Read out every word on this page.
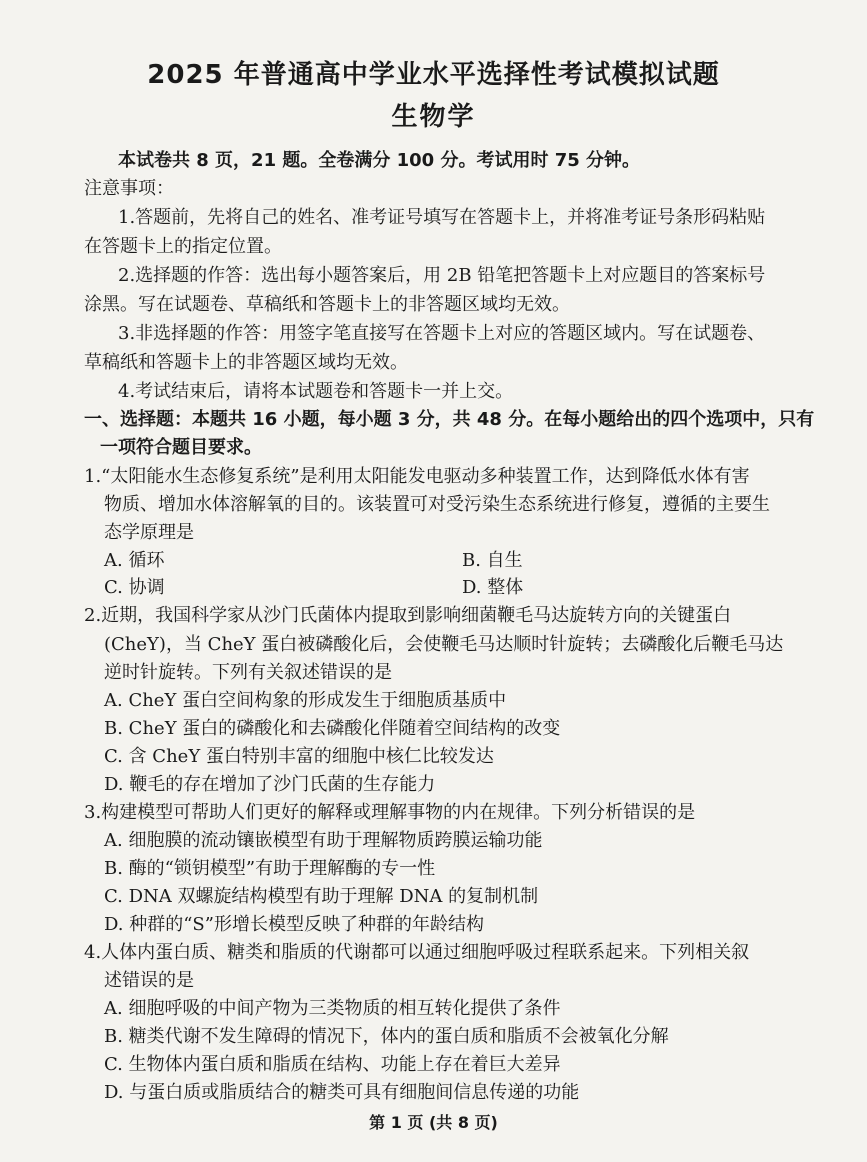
2025 年普通高中学业水平选择性考试模拟试题
生物学
本试卷共 8 页，21 题。全卷满分 100 分。考试用时 75 分钟。
注意事项：
1.答题前，先将自己的姓名、准考证号填写在答题卡上，并将准考证号条形码粘贴
在答题卡上的指定位置。
2.选择题的作答：选出每小题答案后，用 2B 铅笔把答题卡上对应题目的答案标号
涂黑。写在试题卷、草稿纸和答题卡上的非答题区域均无效。
3.非选择题的作答：用签字笔直接写在答题卡上对应的答题区域内。写在试题卷、
草稿纸和答题卡上的非答题区域均无效。
4.考试结束后，请将本试题卷和答题卡一并上交。
一、选择题：本题共 16 小题，每小题 3 分，共 48 分。在每小题给出的四个选项中，只有
一项符合题目要求。
1.“太阳能水生态修复系统”是利用太阳能发电驱动多种装置工作，达到降低水体有害
物质、增加水体溶解氧的目的。该装置可对受污染生态系统进行修复，遵循的主要生
态学原理是
A. 循环	B. 自生
C. 协调	D. 整体
2.近期，我国科学家从沙门氏菌体内提取到影响细菌鞭毛马达旋转方向的关键蛋白
(CheY)，当 CheY 蛋白被磷酸化后，会使鞭毛马达顺时针旋转；去磷酸化后鞭毛马达
逆时针旋转。下列有关叙述错误的是
A. CheY 蛋白空间构象的形成发生于细胞质基质中
B. CheY 蛋白的磷酸化和去磷酸化伴随着空间结构的改变
C. 含 CheY 蛋白特别丰富的细胞中核仁比较发达
D. 鞭毛的存在增加了沙门氏菌的生存能力
3.构建模型可帮助人们更好的解释或理解事物的内在规律。下列分析错误的是
A. 细胞膜的流动镶嵌模型有助于理解物质跨膜运输功能
B. 酶的“锁钥模型”有助于理解酶的专一性
C. DNA 双螺旋结构模型有助于理解 DNA 的复制机制
D. 种群的“S”形增长模型反映了种群的年龄结构
4.人体内蛋白质、糖类和脂质的代谢都可以通过细胞呼吸过程联系起来。下列相关叙
述错误的是
A. 细胞呼吸的中间产物为三类物质的相互转化提供了条件
B. 糖类代谢不发生障碍的情况下，体内的蛋白质和脂质不会被氧化分解
C. 生物体内蛋白质和脂质在结构、功能上存在着巨大差异
D. 与蛋白质或脂质结合的糖类可具有细胞间信息传递的功能
第 1 页 (共 8 页)
